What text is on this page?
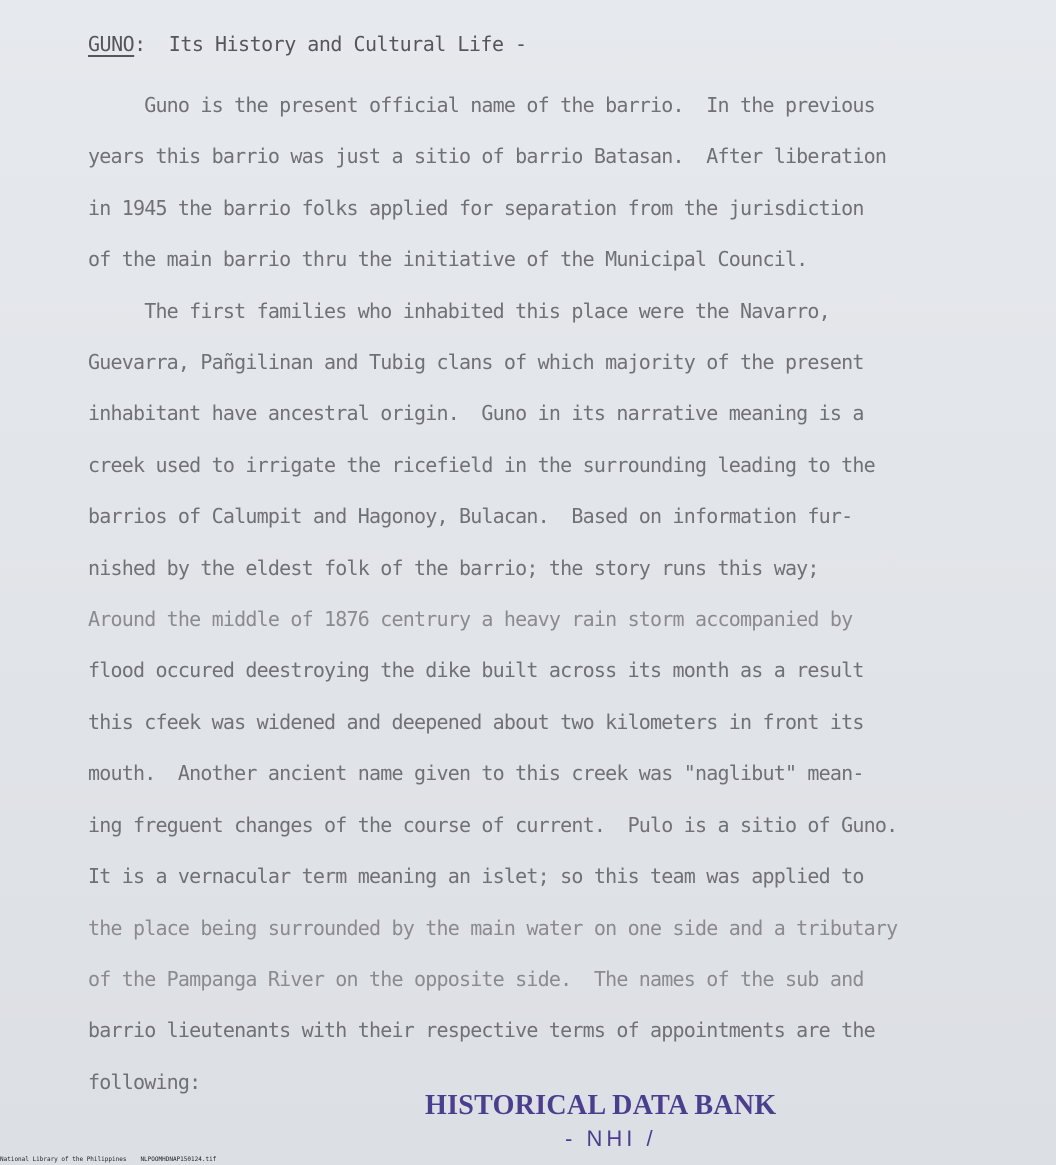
GUNO:  Its History and Cultural Life -
Guno is the present official name of the barrio.  In the previous
years this barrio was just a sitio of barrio Batasan.  After liberation
in 1945 the barrio folks applied for separation from the jurisdiction
of the main barrio thru the initiative of the Municipal Council.
The first families who inhabited this place were the Navarro,
Guevarra, Pañgilinan and Tubig clans of which majority of the present
inhabitant have ancestral origin.  Guno in its narrative meaning is a
creek used to irrigate the ricefield in the surrounding leading to the
barrios of Calumpit and Hagonoy, Bulacan.  Based on information fur-
nished by the eldest folk of the barrio; the story runs this way;
Around the middle of 1876 centrury a heavy rain storm accompanied by
flood occured deestroying the dike built across its month as a result
this cfeek was widened and deepened about two kilometers in front its
mouth.  Another ancient name given to this creek was "naglibut" mean-
ing freguent changes of the course of current.  Pulo is a sitio of Guno.
It is a vernacular term meaning an islet; so this team was applied to
the place being surrounded by the main water on one side and a tributary
of the Pampanga River on the opposite side.  The names of the sub and
barrio lieutenants with their respective terms of appointments are the
following:
HISTORICAL DATA BANK
- NHI /
National Library of the Philippines NLPOOMHDNAP150124.tif
